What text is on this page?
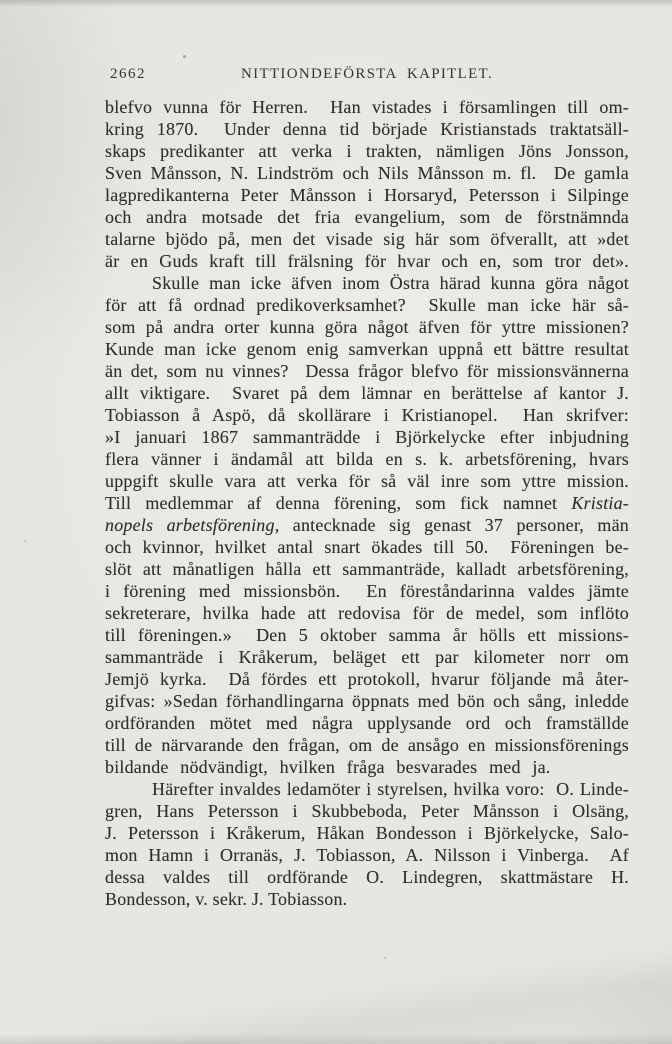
2662	NITTIONDEFÖRSTA  KAPITLET.
blefvo vunna för Herren.  Han vistades i församlingen till om-
kring 1870.  Under denna tid började Kristianstads traktatsäll-
skaps predikanter att verka i trakten, nämligen Jöns Jonsson,
Sven Månsson, N. Lindström och Nils Månsson m. fl.  De gamla
lagpredikanterna Peter Månsson i Horsaryd, Petersson i Silpinge
och andra motsade det fria evangelium, som de förstnämnda
talarne bjödo på, men det visade sig här som öfverallt, att »det
är en Guds kraft till frälsning för hvar och en, som tror det».
Skulle man icke äfven inom Östra härad kunna göra något
för att få ordnad predikoverksamhet?  Skulle man icke här så-
som på andra orter kunna göra något äfven för yttre missionen?
Kunde man icke genom enig samverkan uppnå ett bättre resultat
än det, som nu vinnes?  Dessa frågor blefvo för missionsvännerna
allt viktigare.  Svaret på dem lämnar en berättelse af kantor J.
Tobiasson å Aspö, då skollärare i Kristianopel.  Han skrifver:
»I januari 1867 sammanträdde i Björkelycke efter inbjudning
flera vänner i ändamål att bilda en s. k. arbetsförening, hvars
uppgift skulle vara att verka för så väl inre som yttre mission.
Till medlemmar af denna förening, som fick namnet Kristia-
nopels arbetsförening, antecknade sig genast 37 personer, män
och kvinnor, hvilket antal snart ökades till 50.  Föreningen be-
slöt att månatligen hålla ett sammanträde, kalladt arbetsförening,
i förening med missionsbön.  En föreståndarinna valdes jämte
sekreterare, hvilka hade att redovisa för de medel, som inflöto
till föreningen.»  Den 5 oktober samma år hölls ett missions-
sammanträde i Kråkerum, beläget ett par kilometer norr om
Jemjö kyrka.  Då fördes ett protokoll, hvarur följande må åter-
gifvas: »Sedan förhandlingarna öppnats med bön och sång, inledde
ordföranden mötet med några upplysande ord och framställde
till de närvarande den frågan, om de ansågo en missionsförenings
bildande nödvändigt, hvilken fråga besvarades med ja.
Härefter invaldes ledamöter i styrelsen, hvilka voro:  O. Linde-
gren, Hans Petersson i Skubbeboda, Peter Månsson i Olsäng,
J. Petersson i Kråkerum, Håkan Bondesson i Björkelycke, Salo-
mon Hamn i Orranäs, J. Tobiasson, A. Nilsson i Vinberga.  Af
dessa valdes till ordförande O. Lindegren, skattmästare H.
Bondesson, v. sekr. J. Tobiasson.
